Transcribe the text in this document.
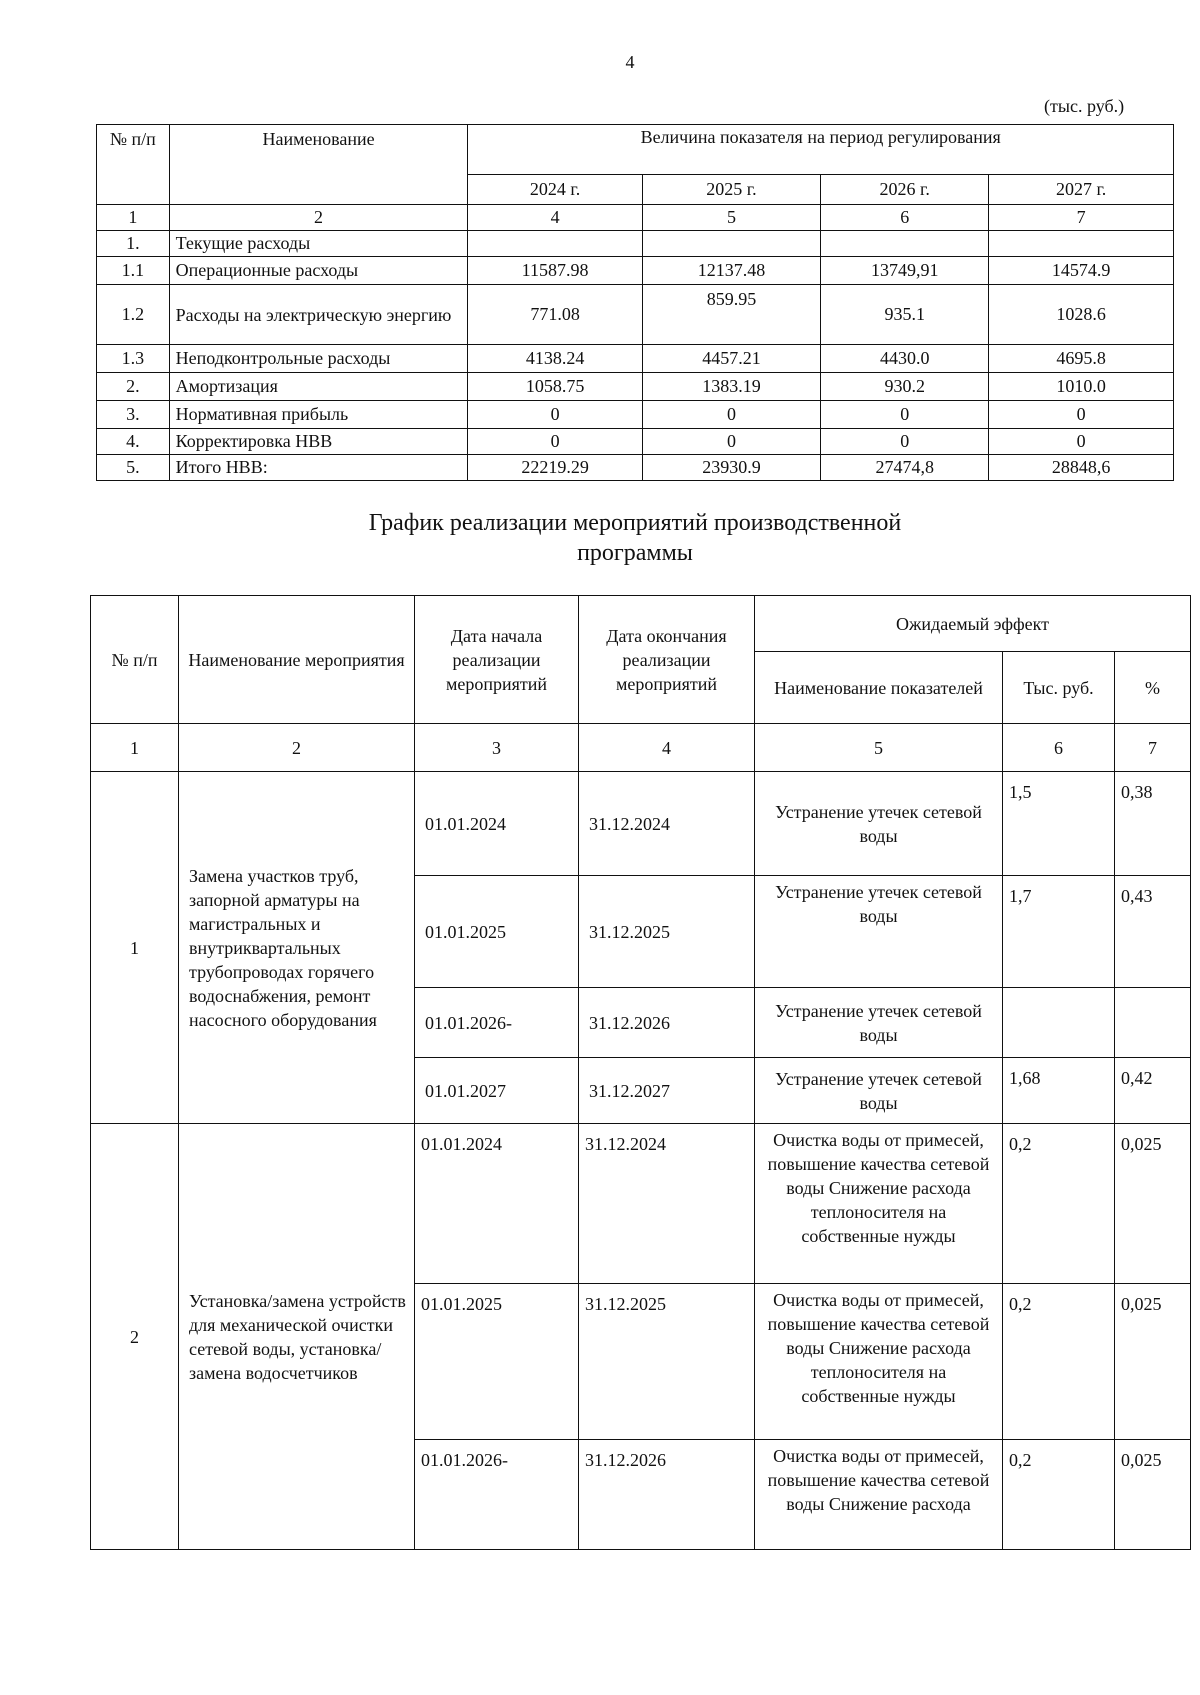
4
(тыс. руб.)
№ п/п	Наименование	Величина показателя на период регулирования			
		2024 г.	2025 г.	2026 г.	2027 г.
1	2	4	5	6	7
1.	Текущие расходы				
1.1	Операционные расходы	11587.98	12137.48	13749,91	14574.9
1.2	Расходы на электрическую энергию	771.08	859.95	935.1	1028.6
1.3	Неподконтрольные расходы	4138.24	4457.21	4430.0	4695.8
2.	Амортизация	1058.75	1383.19	930.2	1010.0
3.	Нормативная прибыль	0	0	0	0
4.	Корректировка НВВ	0	0	0	0
5.	Итого НВВ:	22219.29	23930.9	27474,8	28848,6
График реализации мероприятий производственной программы
№ п/п	Наименование мероприятия	Дата начала реализации мероприятий	Дата окончания реализации мероприятий	Ожидаемый эффект		
				Наименование показателей	Тыс. руб.	%
1	2	3	4	5	6	7
1	Замена участков труб, запорной арматуры на магистральных и внутриквартальных трубопроводах горячего водоснабжения, ремонт насосного оборудования	01.01.2024	31.12.2024	Устранение утечек сетевой воды	1,5	0,38
		01.01.2025	31.12.2025	Устранение утечек сетевой воды	1,7	0,43
		01.01.2026-	31.12.2026	Устранение утечек сетевой воды		
		01.01.2027	31.12.2027	Устранение утечек сетевой воды	1,68	0,42
2	Установка/замена устройств для механической очистки сетевой воды, установка/замена водосчетчиков	01.01.2024	31.12.2024	Очистка воды от примесей, повышение качества сетевой воды Снижение расхода теплоносителя на собственные нужды	0,2	0,025
		01.01.2025	31.12.2025	Очистка воды от примесей, повышение качества сетевой воды Снижение расхода теплоносителя на собственные нужды	0,2	0,025
		01.01.2026-	31.12.2026	Очистка воды от примесей, повышение качества сетевой воды Снижение расхода	0,2	0,025
